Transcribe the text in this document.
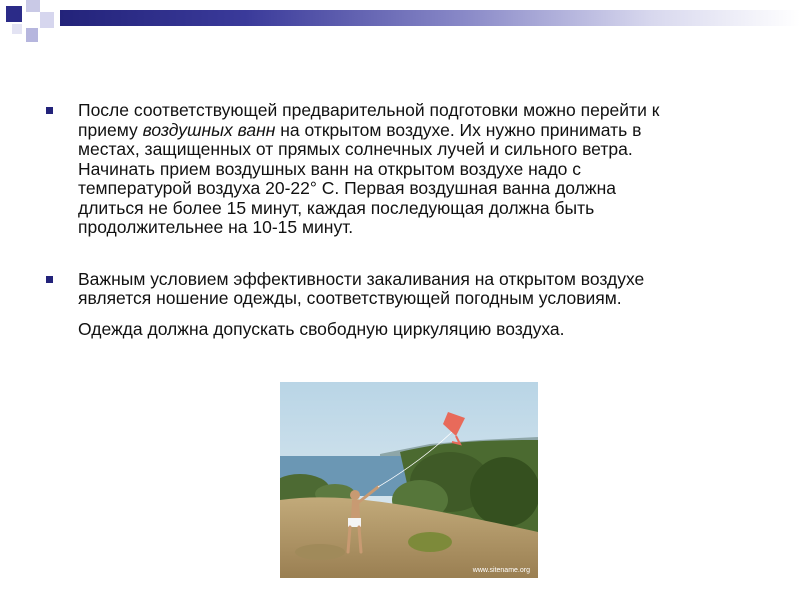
После соответствующей предварительной подготовки можно перейти к
приему воздушных ванн на открытом воздухе. Их нужно принимать в
местах, защищенных от прямых солнечных лучей и сильного ветра.
Начинать прием воздушных ванн на открытом воздухе надо с
температурой воздуха 20-22° С. Первая воздушная ванна должна
длиться не более 15 минут, каждая последующая должна быть
продолжительнее на 10-15 минут.

Важным условием эффективности закаливания на открытом воздухе
является ношение одежды, соответствующей погодным условиям.

Одежда должна допускать свободную циркуляцию воздуха.

www.sitename.org
